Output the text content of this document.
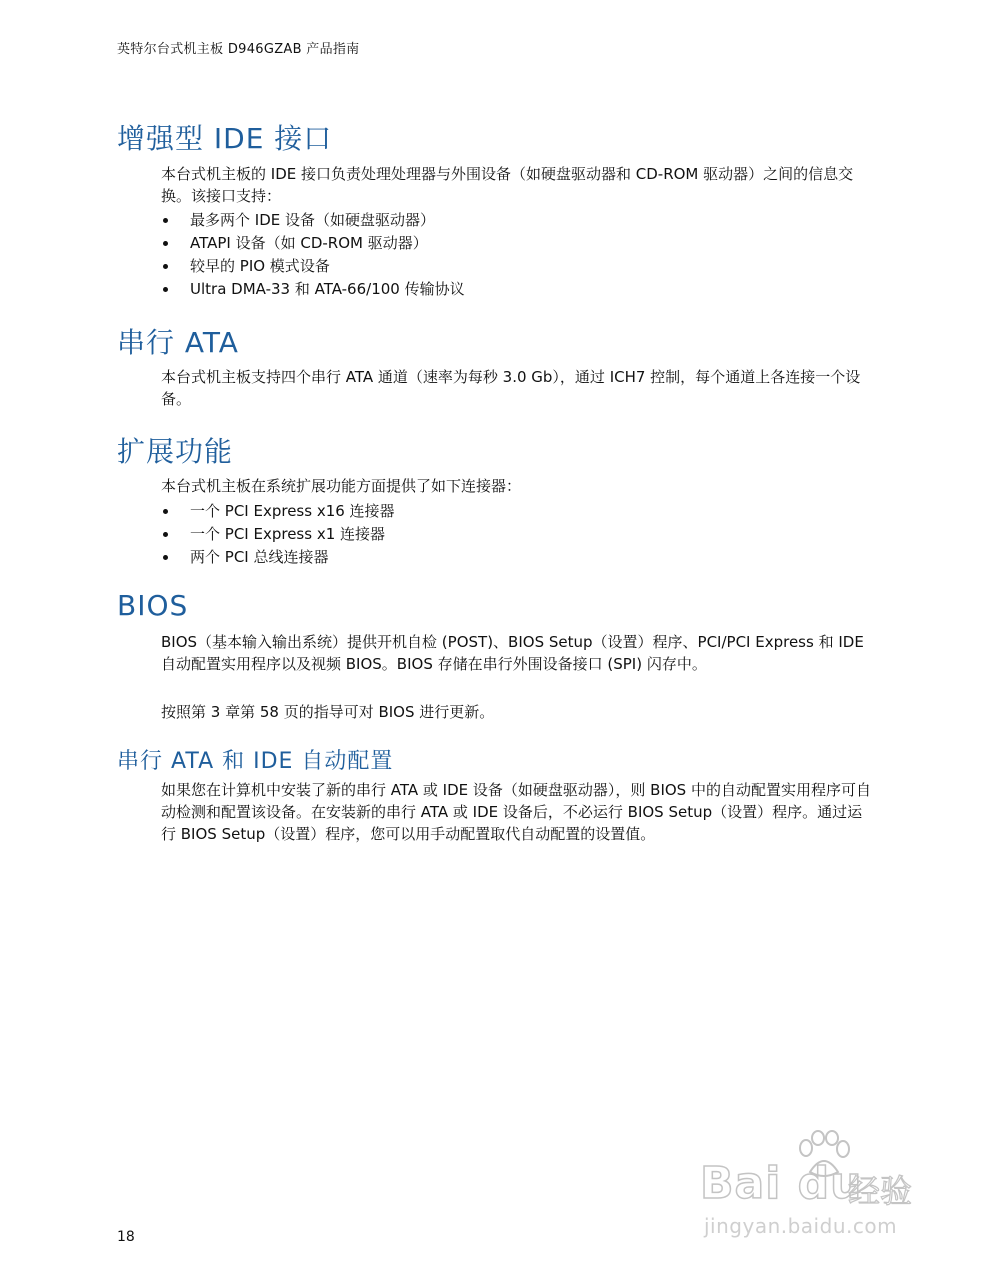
英特尔台式机主板 D946GZAB 产品指南
增强型 IDE 接口

本台式机主板的 IDE 接口负责处理处理器与外围设备（如硬盘驱动器和 CD-ROM 驱动器）之间的信息交换。该接口支持：

最多两个 IDE 设备（如硬盘驱动器）
ATAPI 设备（如 CD-ROM 驱动器）
较早的 PIO 模式设备
Ultra DMA-33 和 ATA-66/100 传输协议
串行 ATA

本台式机主板支持四个串行 ATA 通道（速率为每秒 3.0 Gb），通过 ICH7 控制，每个通道上各连接一个设备。

扩展功能

本台式机主板在系统扩展功能方面提供了如下连接器：

一个 PCI Express x16 连接器
一个 PCI Express x1 连接器
两个 PCI 总线连接器
BIOS

BIOS（基本输入输出系统）提供开机自检 (POST)、BIOS Setup（设置）程序、PCI/PCI Express 和 IDE 自动配置实用程序以及视频 BIOS。BIOS 存储在串行外围设备接口 (SPI) 闪存中。

按照第 3 章第 58 页的指导可对 BIOS 进行更新。

串行 ATA 和 IDE 自动配置

如果您在计算机中安装了新的串行 ATA 或 IDE 设备（如硬盘驱动器），则 BIOS 中的自动配置实用程序可自动检测和配置该设备。在安装新的串行 ATA 或 IDE 设备后，不必运行 BIOS Setup（设置）程序。通过运行 BIOS Setup（设置）程序，您可以用手动配置取代自动配置的设置值。

Bai du
经验
jingyan.baidu.com
18
